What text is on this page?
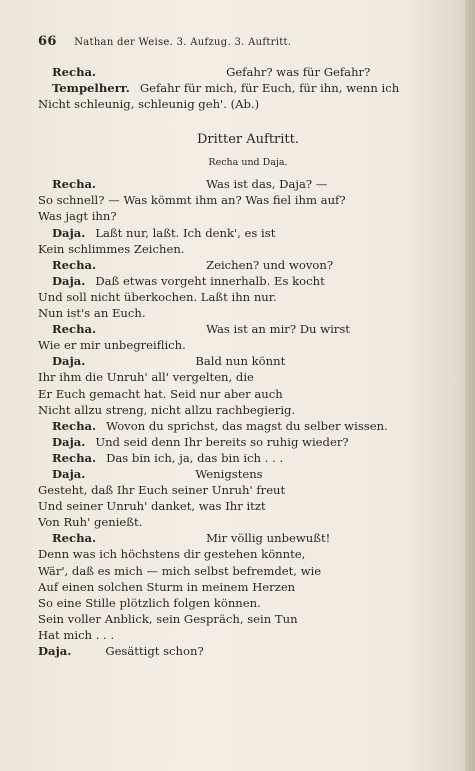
66 Nathan der Weise. 3. Aufzug. 3. Auftritt.
Recha.	Gefahr? was für Gefahr?
Tempelherr. Gefahr für mich, für Euch, für ihn, wenn ich
Nicht schleunig, schleunig geh'. (Ab.)
Dritter Auftritt.
Recha und Daja.
Recha.	Was ist das, Daja? —
So schnell? — Was kömmt ihm an? Was fiel ihm auf?
Was jagt ihn?
Daja. Laßt nur, laßt. Ich denk', es ist
Kein schlimmes Zeichen.
Recha.	Zeichen? und wovon?
Daja. Daß etwas vorgeht innerhalb. Es kocht
Und soll nicht überkochen. Laßt ihn nur.
Nun ist's an Euch.
Recha.	Was ist an mir? Du wirst
Wie er mir unbegreiflich.
Daja.	Bald nun könnt
Ihr ihm die Unruh' all' vergelten, die
Er Euch gemacht hat. Seid nur aber auch
Nicht allzu streng, nicht allzu rachbegierig.
Recha. Wovon du sprichst, das magst du selber wissen.
Daja. Und seid denn Ihr bereits so ruhig wieder?
Recha. Das bin ich, ja, das bin ich . . .
Daja.	Wenigstens
Gesteht, daß Ihr Euch seiner Unruh' freut
Und seiner Unruh' danket, was Ihr itzt
Von Ruh' genießt.
Recha.	Mir völlig unbewußt!
Denn was ich höchstens dir gestehen könnte,
Wär', daß es mich — mich selbst befremdet, wie
Auf einen solchen Sturm in meinem Herzen
So eine Stille plötzlich folgen können.
Sein voller Anblick, sein Gespräch, sein Tun
Hat mich . . .
Daja.	Gesättigt schon?
